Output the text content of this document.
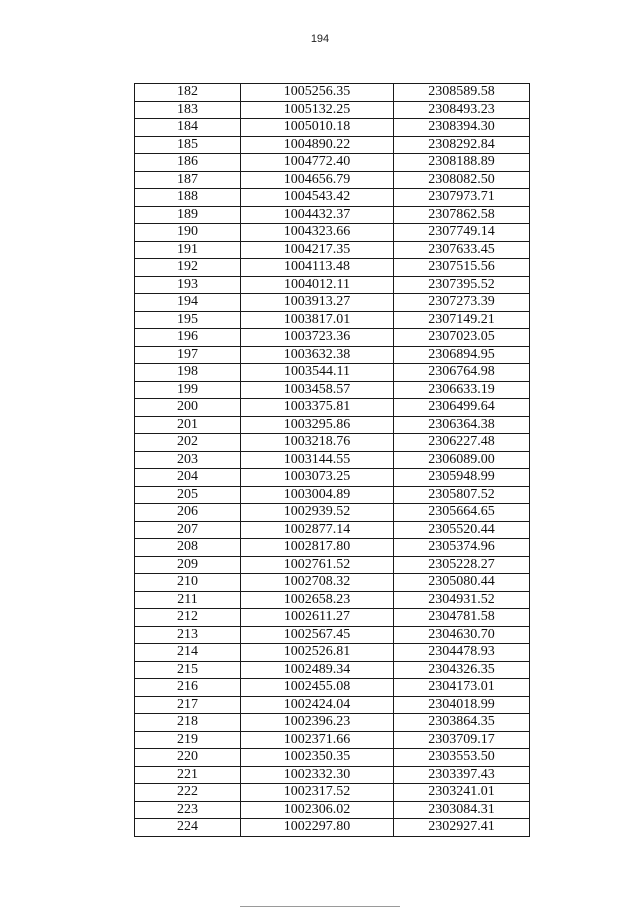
194
182	1005256.35	2308589.58
183	1005132.25	2308493.23
184	1005010.18	2308394.30
185	1004890.22	2308292.84
186	1004772.40	2308188.89
187	1004656.79	2308082.50
188	1004543.42	2307973.71
189	1004432.37	2307862.58
190	1004323.66	2307749.14
191	1004217.35	2307633.45
192	1004113.48	2307515.56
193	1004012.11	2307395.52
194	1003913.27	2307273.39
195	1003817.01	2307149.21
196	1003723.36	2307023.05
197	1003632.38	2306894.95
198	1003544.11	2306764.98
199	1003458.57	2306633.19
200	1003375.81	2306499.64
201	1003295.86	2306364.38
202	1003218.76	2306227.48
203	1003144.55	2306089.00
204	1003073.25	2305948.99
205	1003004.89	2305807.52
206	1002939.52	2305664.65
207	1002877.14	2305520.44
208	1002817.80	2305374.96
209	1002761.52	2305228.27
210	1002708.32	2305080.44
211	1002658.23	2304931.52
212	1002611.27	2304781.58
213	1002567.45	2304630.70
214	1002526.81	2304478.93
215	1002489.34	2304326.35
216	1002455.08	2304173.01
217	1002424.04	2304018.99
218	1002396.23	2303864.35
219	1002371.66	2303709.17
220	1002350.35	2303553.50
221	1002332.30	2303397.43
222	1002317.52	2303241.01
223	1002306.02	2303084.31
224	1002297.80	2302927.41
